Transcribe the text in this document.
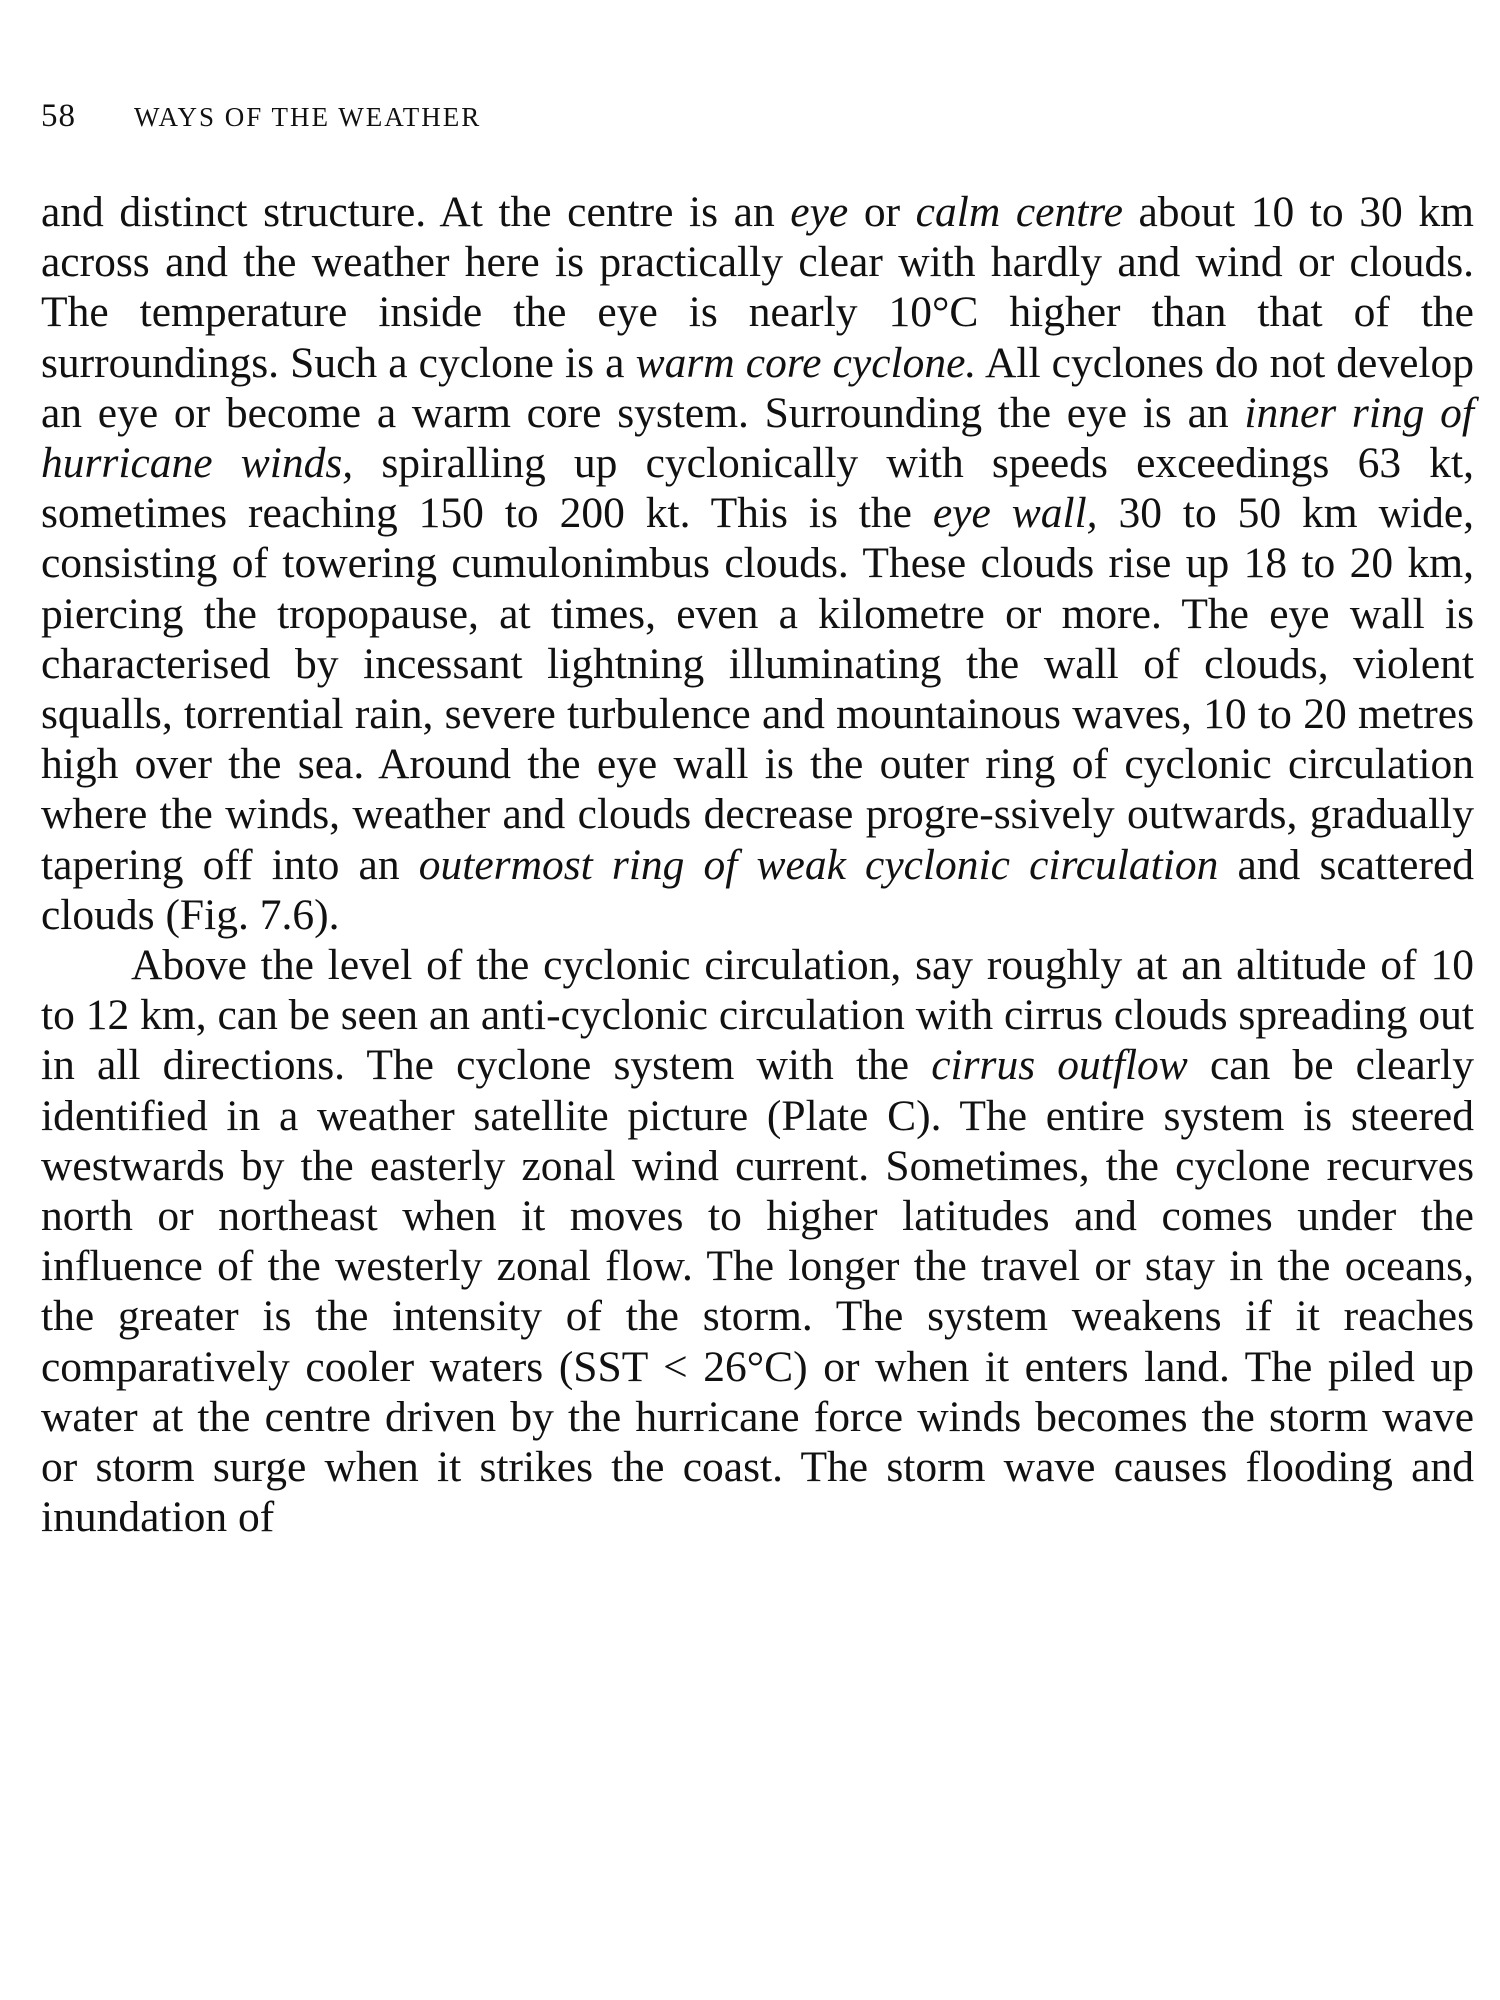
58 WAYS OF THE WEATHER

and distinct structure. At the centre is an eye or calm centre about 10 to 30 km across and the weather here is practically clear with hardly and wind or clouds. The temperature inside the eye is nearly 10°C higher than that of the surroundings. Such a cyclone is a warm core cyclone. All cyclones do not develop an eye or become a warm core system. Surrounding the eye is an inner ring of hurricane winds, spiralling up cyclonically with speeds exceedings 63 kt, sometimes reaching 150 to 200 kt. This is the eye wall, 30 to 50 km wide, consisting of towering cumulonimbus clouds. These clouds rise up 18 to 20 km, piercing the tropopause, at times, even a kilometre or more. The eye wall is characterised by incessant lightning illuminating the wall of clouds, violent squalls, torrential rain, severe turbulence and mountainous waves, 10 to 20 metres high over the sea. Around the eye wall is the outer ring of cyclonic circulation where the winds, weather and clouds decrease progre-ssively outwards, gradually tapering off into an outermost ring of weak cyclonic circulation and scattered clouds (Fig. 7.6).

Above the level of the cyclonic circulation, say roughly at an altitude of 10 to 12 km, can be seen an anti-cyclonic circulation with cirrus clouds spreading out in all directions. The cyclone system with the cirrus outflow can be clearly identified in a weather satellite picture (Plate C). The entire system is steered westwards by the easterly zonal wind current. Sometimes, the cyclone recurves north or northeast when it moves to higher latitudes and comes under the influence of the westerly zonal flow. The longer the travel or stay in the oceans, the greater is the intensity of the storm. The system weakens if it reaches comparatively cooler waters (SST < 26°C) or when it enters land. The piled up water at the centre driven by the hurricane force winds becomes the storm wave or storm surge when it strikes the coast. The storm wave causes flooding and inundation of
